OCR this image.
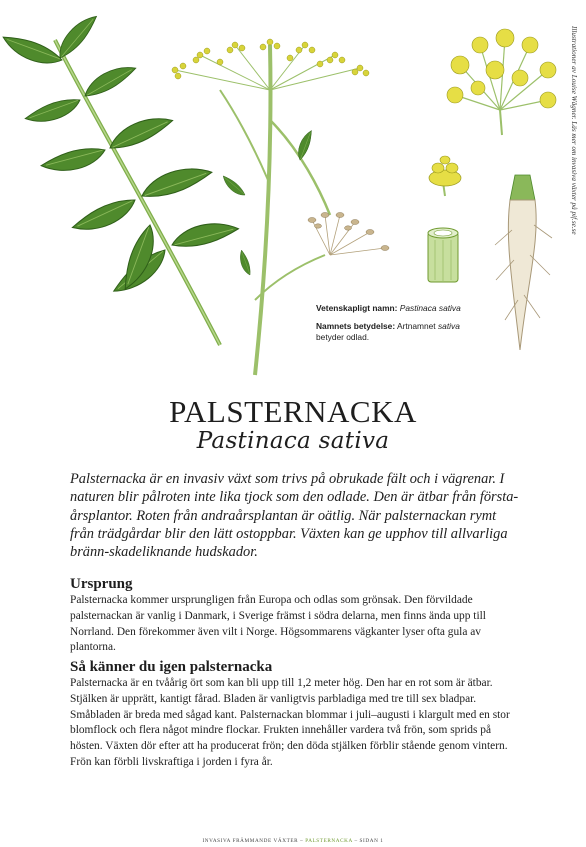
Illustrationer av Louise Wägner. Läs mer om invasiva växter på pif.se.se

Vetenskapligt namn: Pastinaca sativa

Namnets betydelse: Artnamnet sativa betyder odlad.

PALSTERNACKA
Pastinaca sativa

Palsternacka är en invasiv växt som trivs på obrukade fält och i vägrenar. I naturen blir pålroten inte lika tjock som den odlade. Den är ätbar från första-årsplantor. Roten från andraårsplantan är oätlig. När palsternackan rymt från trädgårdar blir den lätt ostoppbar. Växten kan ge upphov till allvarliga bränn-skadeliknande hudskador.

Ursprung

Palsternacka kommer ursprungligen från Europa och odlas som grönsak. Den förvildade palsternackan är vanlig i Danmark, i Sverige främst i södra delarna, men finns ända upp till Norrland. Den förekommer även vilt i Norge. Högsommarens vägkanter lyser ofta gula av plantorna.

Så känner du igen palsternacka

Palsternacka är en tvåårig ört som kan bli upp till 1,2 meter hög. Den har en rot som är ätbar. Stjälken är upprätt, kantigt fårad. Bladen är vanligtvis parbladiga med tre till sex bladpar. Småbladen är breda med sågad kant. Palsternackan blommar i juli–augusti i klargult med en stor blomflock och flera något mindre flockar. Frukten innehåller vardera två frön, som sprids på hösten. Växten dör efter att ha producerat frön; den döda stjälken förblir stående genom vintern. Frön kan förbli livskraftiga i jorden i fyra år.

INVASIVA FRÄMMANDE VÄXTER – PALSTERNACKA – SIDAN 1
